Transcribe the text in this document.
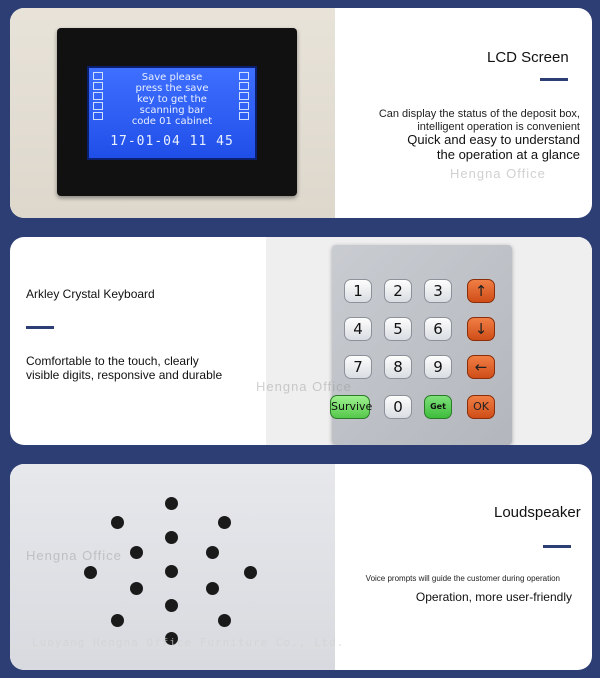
Save please
press the save
key to get the
scanning bar
code 01 cabinet
17-01-04 11 45
LCD Screen
Can display the status of the deposit box,
intelligent operation is convenient
Quick and easy to understand
the operation at a glance
Hengna Office
Arkley Crystal Keyboard
Comfortable to the touch, clearly
visible digits, responsive and durable
1	2	3	↑
4	5	6	↓
7	8	9	←
Survive	0	Get	OK
Hengna Office
Hengna Office
Loudspeaker
Voice prompts will guide the customer during operation
Operation, more user-friendly
Luoyang Hengna Office Furniture Co., Ltd.
